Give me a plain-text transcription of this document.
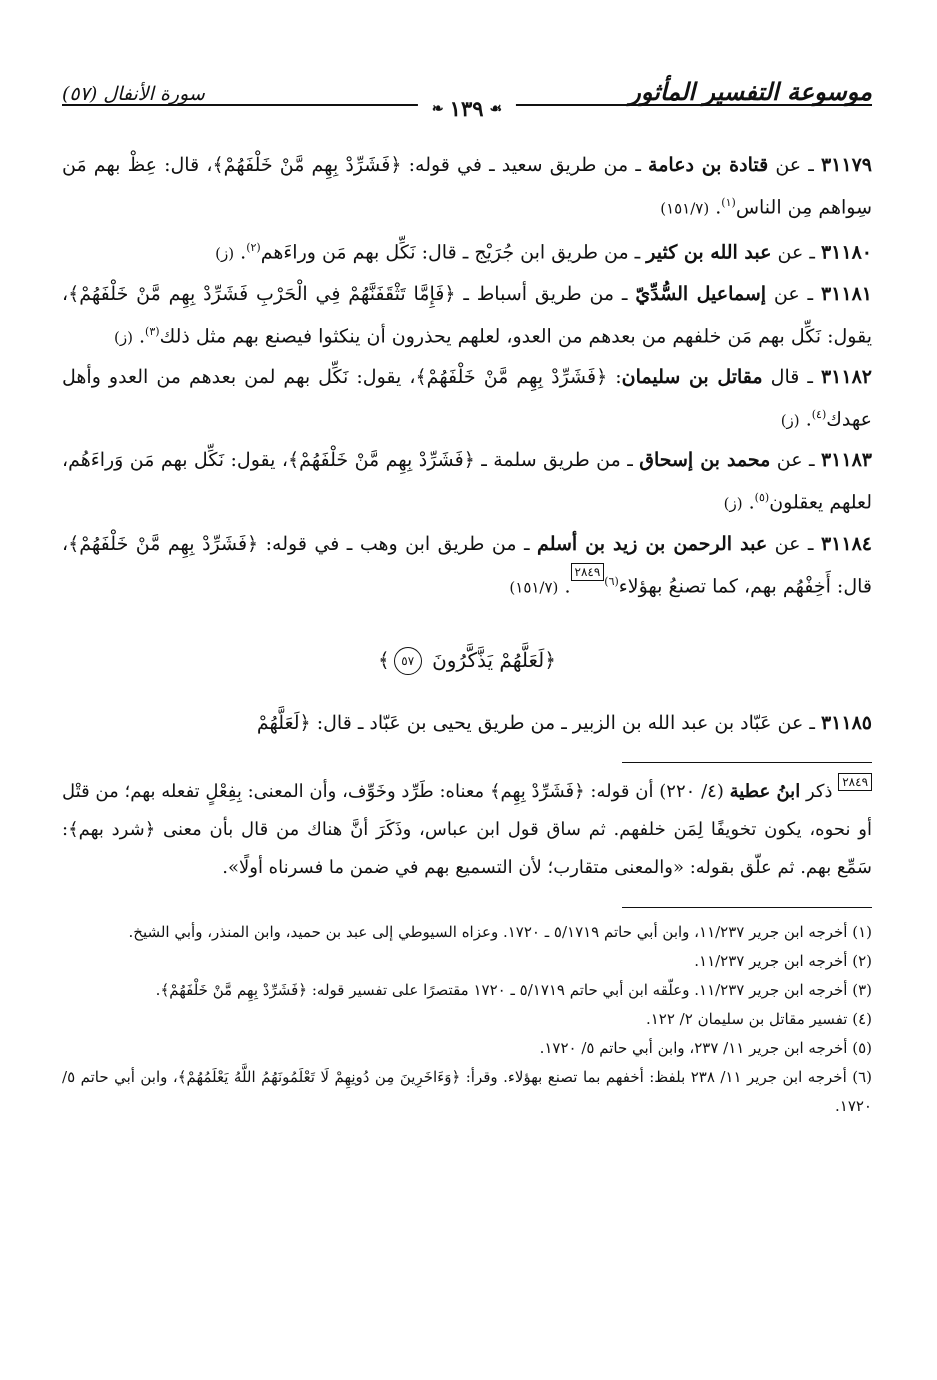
موسوعة التفسير المأثور
سورة الأنفال (٥٧)
❧ ١٣٩ ☙

٣١١٧٩ ـ عن قتادة بن دعامة ـ من طريق سعيد ـ في قوله: ﴿فَشَرِّدْ بِهِم مَّنْ خَلْفَهُمْ﴾، قال: عِظْ بهم مَن سِواهم مِن الناس$^{(١)}$. (١٥١/٧)

٣١١٨٠ ـ عن عبد الله بن كثير ـ من طريق ابن جُرَيْج ـ قال: نَكِّل بهم مَن وراءَهم$^{(٢)}$. (ز)

٣١١٨١ ـ عن إسماعيل السُّدِّيّ ـ من طريق أسباط ـ ﴿فَإِمَّا تَثْقَفَنَّهُمْ فِي الْحَرْبِ فَشَرِّدْ بِهِم مَّنْ خَلْفَهُمْ﴾، يقول: نَكِّل بهم مَن خلفهم من بعدهم من العدو، لعلهم يحذرون أن ينكثوا فيصنع بهم مثل ذلك$^{(٣)}$. (ز)

٣١١٨٢ ـ قال مقاتل بن سليمان: ﴿فَشَرِّدْ بِهِم مَّنْ خَلْفَهُمْ﴾، يقول: نَكِّل بهم لمن بعدهم من العدو وأهل عهدك$^{(٤)}$. (ز)

٣١١٨٣ ـ عن محمد بن إسحاق ـ من طريق سلمة ـ ﴿فَشَرِّدْ بِهِم مَّنْ خَلْفَهُمْ﴾، يقول: نَكِّل بهم مَن وَراءَهُم، لعلهم يعقلون$^{(٥)}$. (ز)

٣١١٨٤ ـ عن عبد الرحمن بن زيد بن أسلم ـ من طريق ابن وهب ـ في قوله: ﴿فَشَرِّدْ بِهِم مَّنْ خَلْفَهُمْ﴾، قال: أَخِفْهُم بهم، كما تصنعُ بهؤلاء$^{(٦)}$٢٨٤٩. (١٥١/٧)

﴿لَعَلَّهُمْ يَذَّكَّرُونَ ٥٧﴾

٣١١٨٥ ـ عن عَبّاد بن عبد الله بن الزبير ـ من طريق يحيى بن عَبّاد ـ قال: ﴿لَعَلَّهُمْ

٢٨٤٩ ذكر ابنُ عطية (٤/ ٢٢٠) أن قوله: ﴿فَشَرِّدْ بِهِم﴾ معناه: طَرِّد وخَوِّف، وأن المعنى: بِفِعْلٍ تفعله بهم؛ من قتْل أو نحوه، يكون تخويفًا لِمَن خلفهم. ثم ساق قول ابن عباس، وذَكَرَ أنَّ هناك من قال بأن معنى ﴿شرد بهم﴾: سَمِّع بهم. ثم علّق بقوله: «والمعنى متقارب؛ لأن التسميع بهم في ضمن ما فسرناه أولًا».
(١) أخرجه ابن جرير ١١/٢٣٧، وابن أبي حاتم ٥/١٧١٩ ـ ١٧٢٠. وعزاه السيوطي إلى عبد بن حميد، وابن المنذر، وأبي الشيخ.
(٢) أخرجه ابن جرير ١١/٢٣٧.
(٣) أخرجه ابن جرير ١١/٢٣٧. وعلّقه ابن أبي حاتم ٥/١٧١٩ ـ ١٧٢٠ مقتصرًا على تفسير قوله: ﴿فَشَرِّدْ بِهِم مَّنْ خَلْفَهُمْ﴾.
(٤) تفسير مقاتل بن سليمان ٢/ ١٢٢.
(٥) أخرجه ابن جرير ١١/ ٢٣٧، وابن أبي حاتم ٥/ ١٧٢٠.
(٦) أخرجه ابن جرير ١١/ ٢٣٨ بلفظ: أخفهم بما تصنع بهؤلاء. وقرأ: ﴿وَءَاخَرِينَ مِن دُونِهِمْ لَا تَعْلَمُونَهُمُ اللَّهُ يَعْلَمُهُمْ﴾، وابن أبي حاتم ٥/ ١٧٢٠.
